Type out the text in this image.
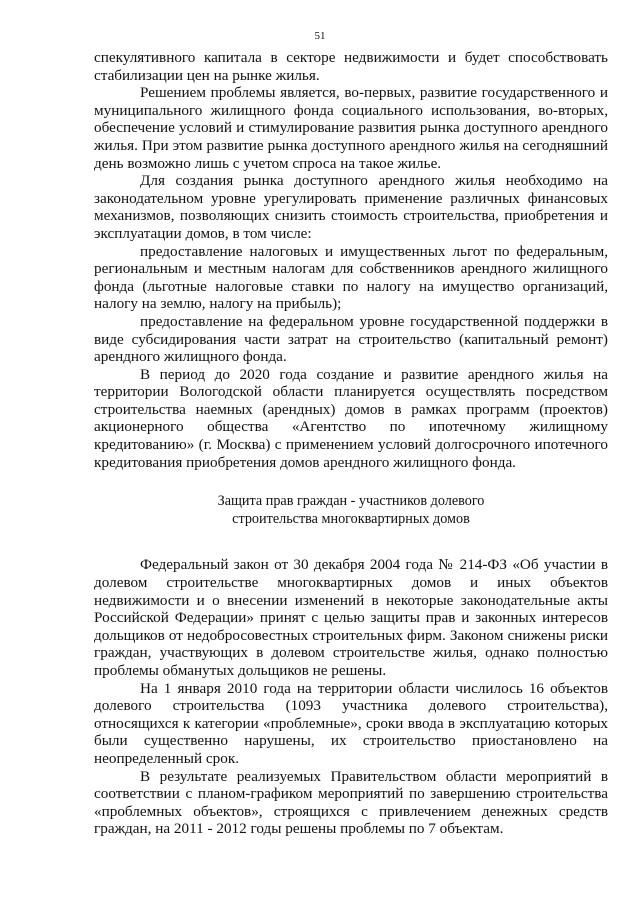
51

спекулятивного капитала в секторе недвижимости и будет способствовать стабилизации цен на рынке жилья.

Решением проблемы является, во-первых, развитие государственного и муниципального жилищного фонда социального использования, во-вторых, обеспечение условий и стимулирование развития рынка доступного арендного жилья. При этом развитие рынка доступного арендного жилья на сегодняшний день возможно лишь с учетом спроса на такое жилье.

Для создания рынка доступного арендного жилья необходимо на законодательном уровне урегулировать применение различных финансовых механизмов, позволяющих снизить стоимость строительства, приобретения и эксплуатации домов, в том числе:

предоставление налоговых и имущественных льгот по федеральным, региональным и местным налогам для собственников арендного жилищного фонда (льготные налоговые ставки по налогу на имущество организаций, налогу на землю, налогу на прибыль);

предоставление на федеральном уровне государственной поддержки в виде субсидирования части затрат на строительство (капитальный ремонт) арендного жилищного фонда.

В период до 2020 года создание и развитие арендного жилья на территории Вологодской области планируется осуществлять посредством строительства наемных (арендных) домов в рамках программ (проектов) акционерного общества «Агентство по ипотечному жилищному кредитованию» (г. Москва) с применением условий долгосрочного ипотечного кредитования приобретения домов арендного жилищного фонда.

Защита прав граждан - участников долевого
строительства многоквартирных домов

Федеральный закон от 30 декабря 2004 года № 214-ФЗ «Об участии в долевом строительстве многоквартирных домов и иных объектов недвижимости и о внесении изменений в некоторые законодательные акты Российской Федерации» принят с целью защиты прав и законных интересов дольщиков от недобросовестных строительных фирм. Законом снижены риски граждан, участвующих в долевом строительстве жилья, однако полностью проблемы обманутых дольщиков не решены.

На 1 января 2010 года на территории области числилось 16 объектов долевого строительства (1093 участника долевого строительства), относящихся к категории «проблемные», сроки ввода в эксплуатацию которых были существенно нарушены, их строительство приостановлено на неопределенный срок.

В результате реализуемых Правительством области мероприятий в соответствии с планом-графиком мероприятий по завершению строительства «проблемных объектов», строящихся с привлечением денежных средств граждан, на 2011 - 2012 годы решены проблемы по 7 объектам.
